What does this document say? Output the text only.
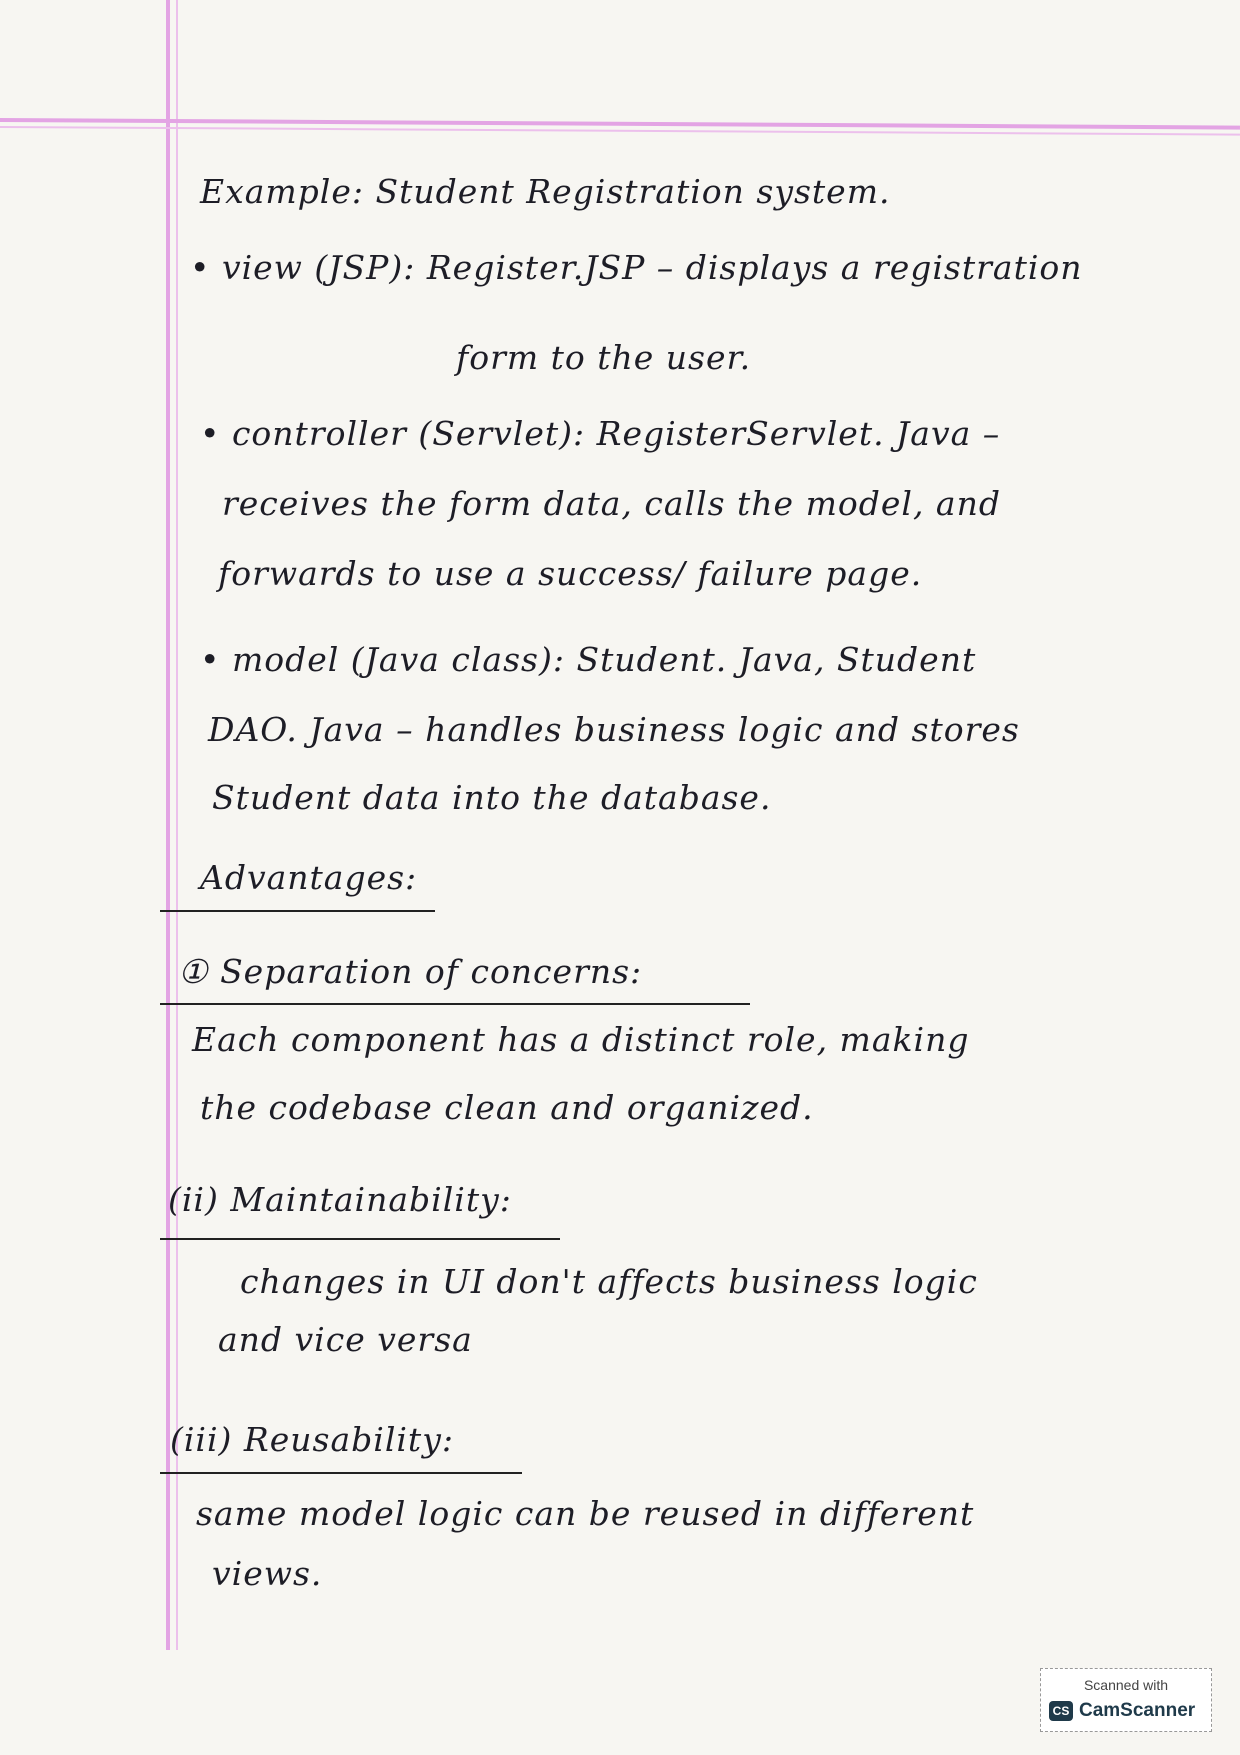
Example: Student Registration system.
• view (JSP): Register.JSP – displays a registration
form to the user.
• controller (Servlet): RegisterServlet. Java –
receives the form data, calls the model, and
forwards to use a success/ failure page.
• model (Java class): Student. Java, Student
DAO. Java – handles business logic and stores
Student data into the database.
Advantages:
① Separation of concerns:
Each component has a distinct role, making
the codebase clean and organized.
(ii) Maintainability:
changes in UI don't affects business logic
and vice versa
(iii) Reusability:
same model logic can be reused in different
views.
Scanned with
CS CamScanner
